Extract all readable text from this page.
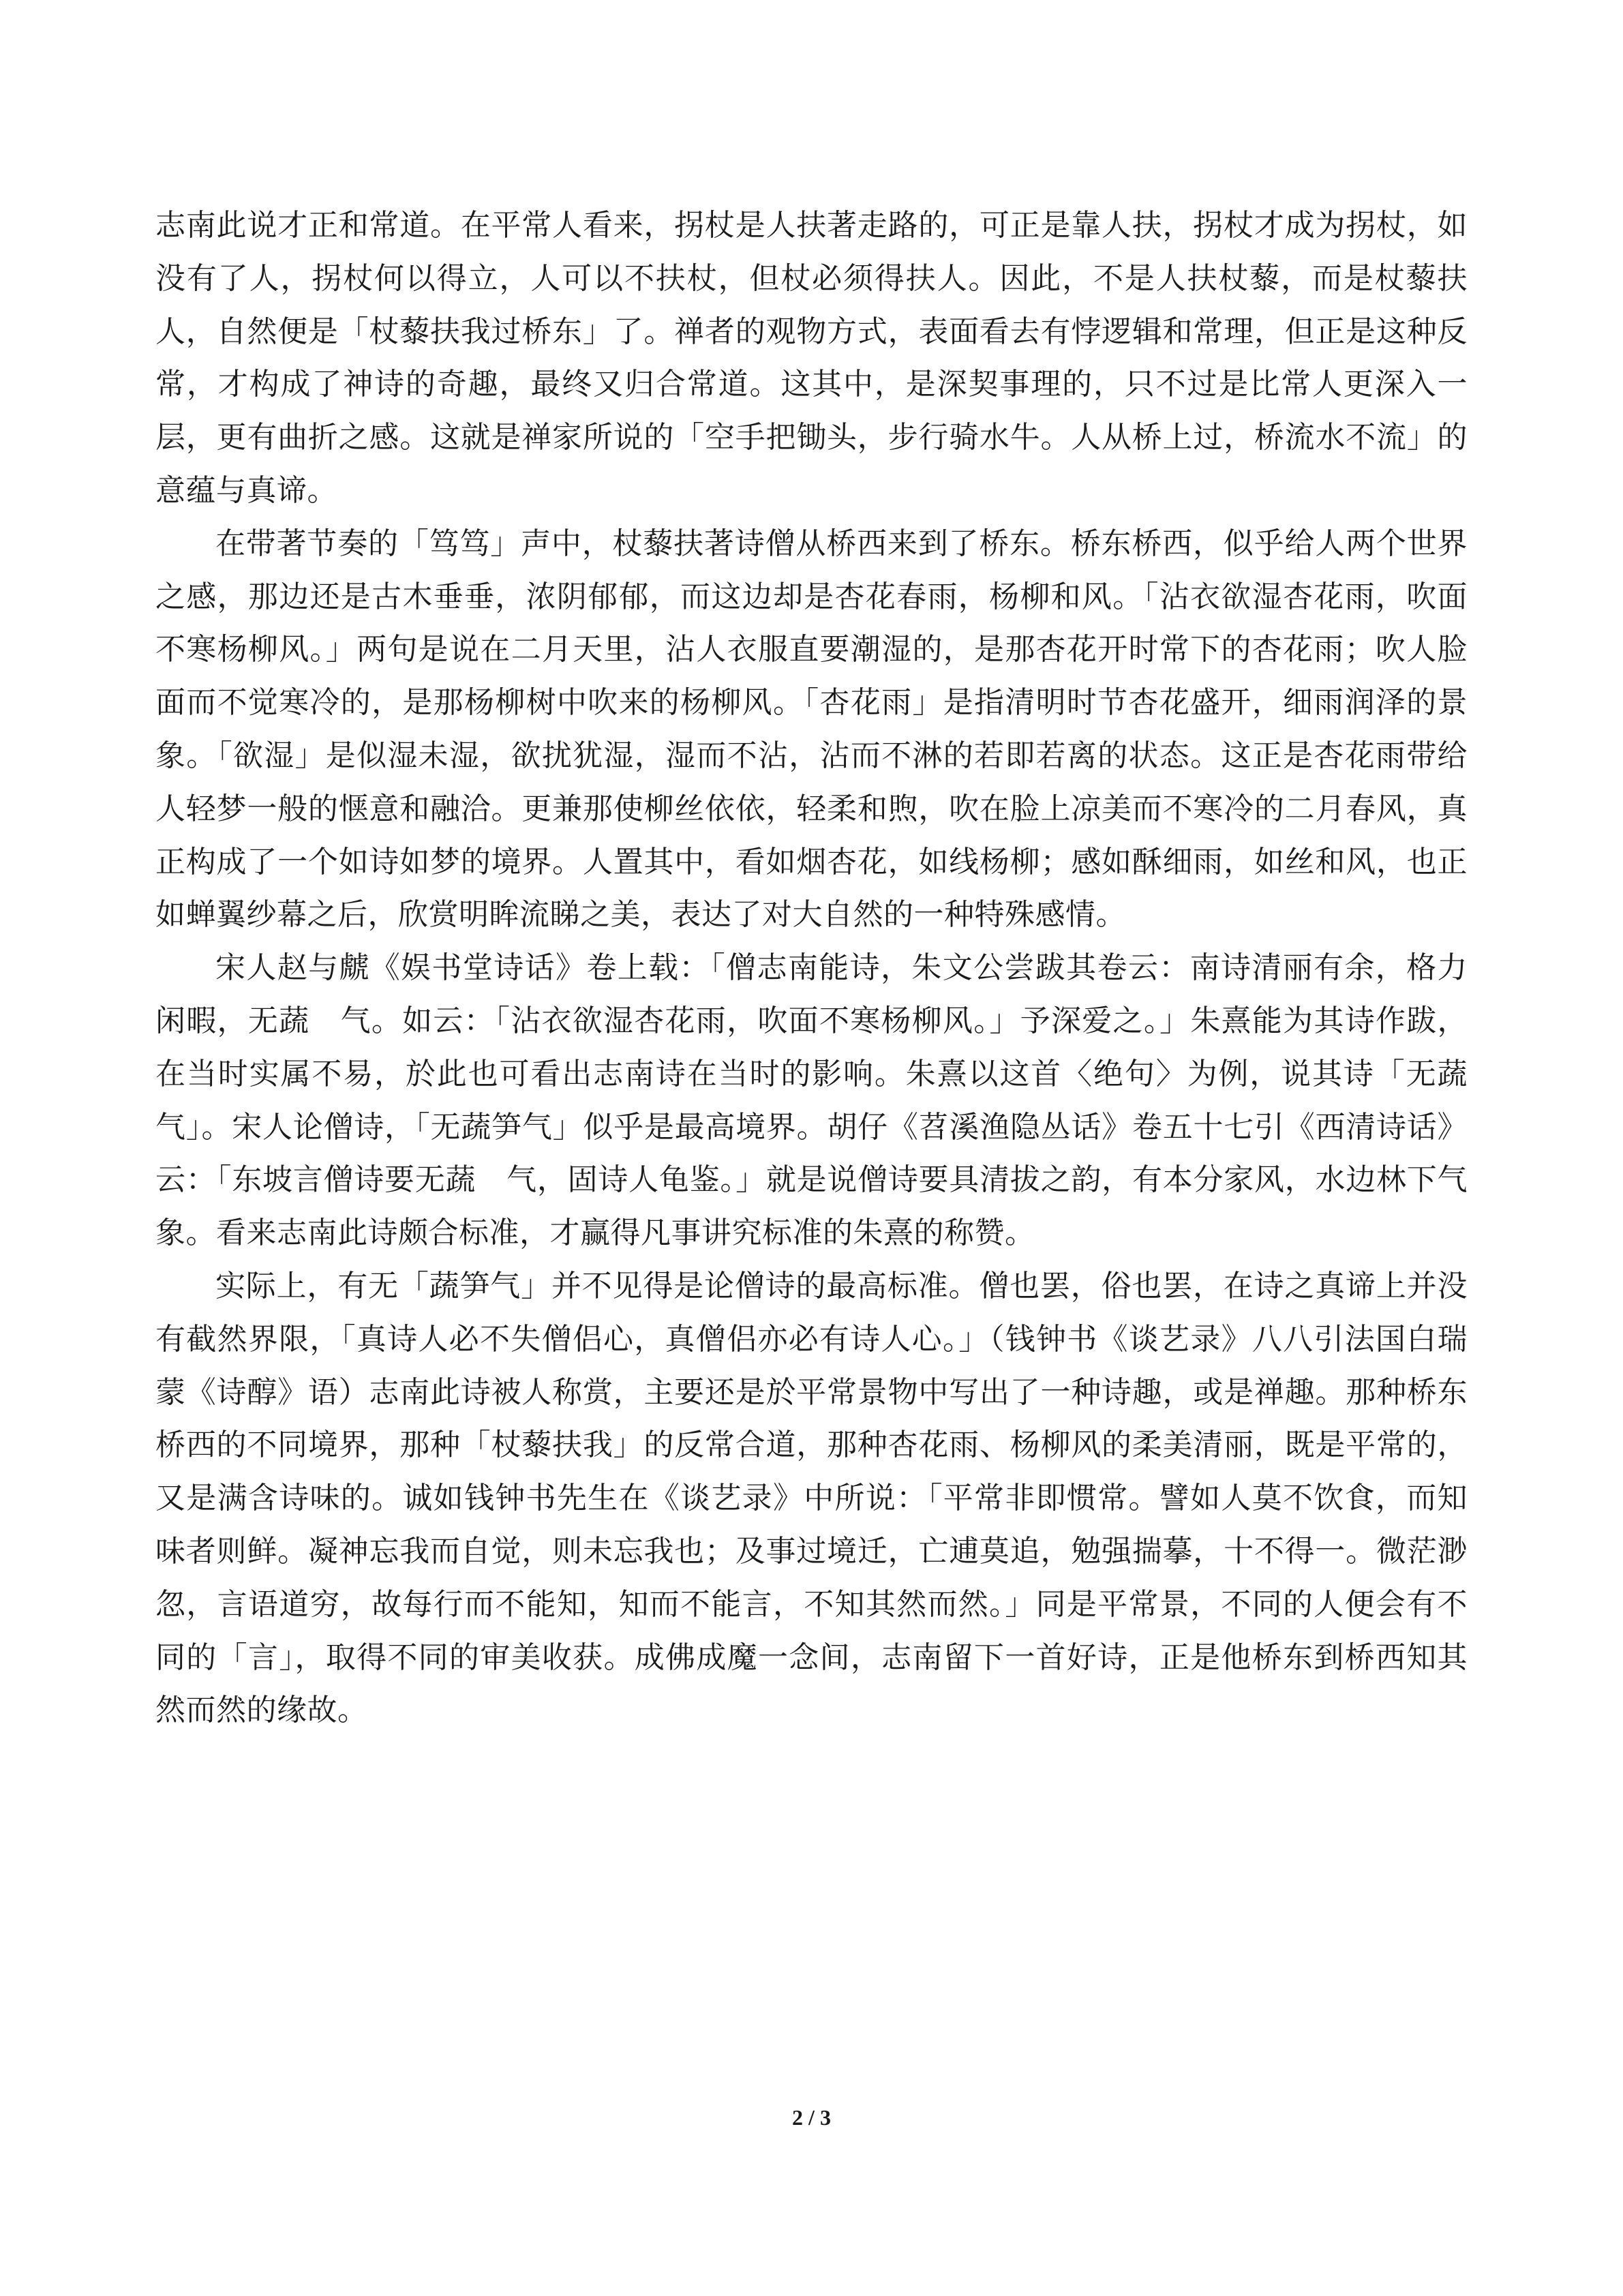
志南此说才正和常道。在平常人看来，拐杖是人扶著走路的，可正是靠人扶，拐杖才成为拐杖，如没有了人，拐杖何以得立，人可以不扶杖，但杖必须得扶人。因此，不是人扶杖藜，而是杖藜扶人，自然便是「杖藜扶我过桥东」了。禅者的观物方式，表面看去有悖逻辑和常理，但正是这种反常，才构成了神诗的奇趣，最终又归合常道。这其中，是深契事理的，只不过是比常人更深入一层，更有曲折之感。这就是禅家所说的「空手把锄头，步行骑水牛。人从桥上过，桥流水不流」的意蕴与真谛。

在带著节奏的「笃笃」声中，杖藜扶著诗僧从桥西来到了桥东。桥东桥西，似乎给人两个世界之感，那边还是古木垂垂，浓阴郁郁，而这边却是杏花春雨，杨柳和风。「沾衣欲湿杏花雨，吹面不寒杨柳风。」两句是说在二月天里，沾人衣服直要潮湿的，是那杏花开时常下的杏花雨；吹人脸面而不觉寒冷的，是那杨柳树中吹来的杨柳风。「杏花雨」是指清明时节杏花盛开，细雨润泽的景象。「欲湿」是似湿未湿，欲扰犹湿，湿而不沾，沾而不淋的若即若离的状态。这正是杏花雨带给人轻梦一般的惬意和融洽。更兼那使柳丝依依，轻柔和煦，吹在脸上凉美而不寒冷的二月春风，真正构成了一个如诗如梦的境界。人置其中，看如烟杏花，如线杨柳；感如酥细雨，如丝和风，也正如蝉翼纱幕之后，欣赏明眸流睇之美，表达了对大自然的一种特殊感情。

宋人赵与虤《娱书堂诗话》卷上载：「僧志南能诗，朱文公尝跋其卷云：南诗清丽有余，格力闲暇，无蔬　气。如云：「沾衣欲湿杏花雨，吹面不寒杨柳风。」予深爱之。」朱熹能为其诗作跋，在当时实属不易，於此也可看出志南诗在当时的影响。朱熹以这首〈绝句〉为例，说其诗「无蔬　气」。宋人论僧诗，「无蔬笋气」似乎是最高境界。胡仔《苕溪渔隐丛话》卷五十七引《西清诗话》云：「东坡言僧诗要无蔬　气，固诗人龟鉴。」就是说僧诗要具清拔之韵，有本分家风，水边林下气象。看来志南此诗颇合标准，才赢得凡事讲究标准的朱熹的称赞。

实际上，有无「蔬笋气」并不见得是论僧诗的最高标准。僧也罢，俗也罢，在诗之真谛上并没有截然界限，「真诗人必不失僧侣心，真僧侣亦必有诗人心。」（钱钟书《谈艺录》八八引法国白瑞蒙《诗醇》语）志南此诗被人称赏，主要还是於平常景物中写出了一种诗趣，或是禅趣。那种桥东桥西的不同境界，那种「杖藜扶我」的反常合道，那种杏花雨、杨柳风的柔美清丽，既是平常的，又是满含诗味的。诚如钱钟书先生在《谈艺录》中所说：「平常非即惯常。譬如人莫不饮食，而知味者则鲜。凝神忘我而自觉，则未忘我也；及事过境迁，亡逋莫追，勉强揣摹，十不得一。微茫渺忽，言语道穷，故每行而不能知，知而不能言，不知其然而然。」同是平常景，不同的人便会有不同的「言」，取得不同的审美收获。成佛成魔一念间，志南留下一首好诗，正是他桥东到桥西知其然而然的缘故。

2 / 3
